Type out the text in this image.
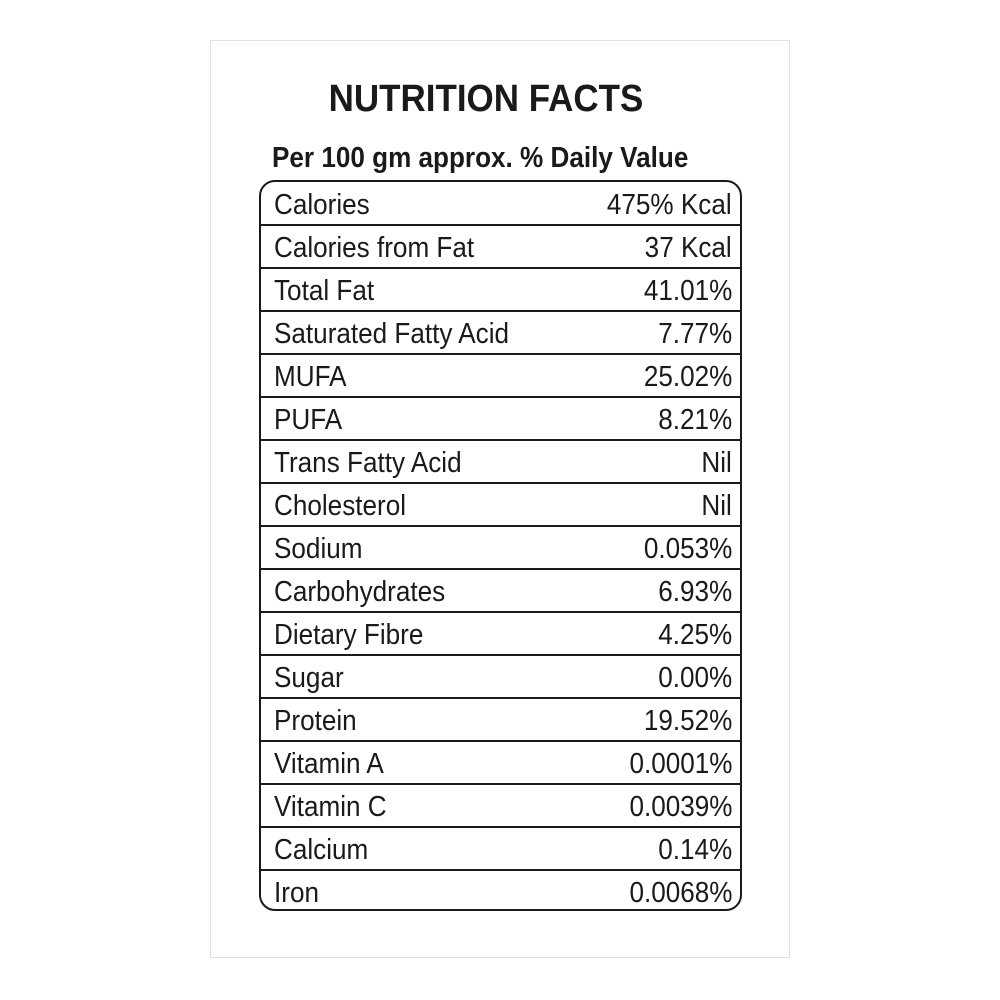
NUTRITION FACTS
Per 100 gm approx. % Daily Value
Calories	475% Kcal
Calories from Fat	37 Kcal
Total Fat	41.01%
Saturated Fatty Acid	7.77%
MUFA	25.02%
PUFA	8.21%
Trans Fatty Acid	Nil
Cholesterol	Nil
Sodium	0.053%
Carbohydrates	6.93%
Dietary Fibre	4.25%
Sugar	0.00%
Protein	19.52%
Vitamin A	0.0001%
Vitamin C	0.0039%
Calcium	0.14%
Iron	0.0068%
